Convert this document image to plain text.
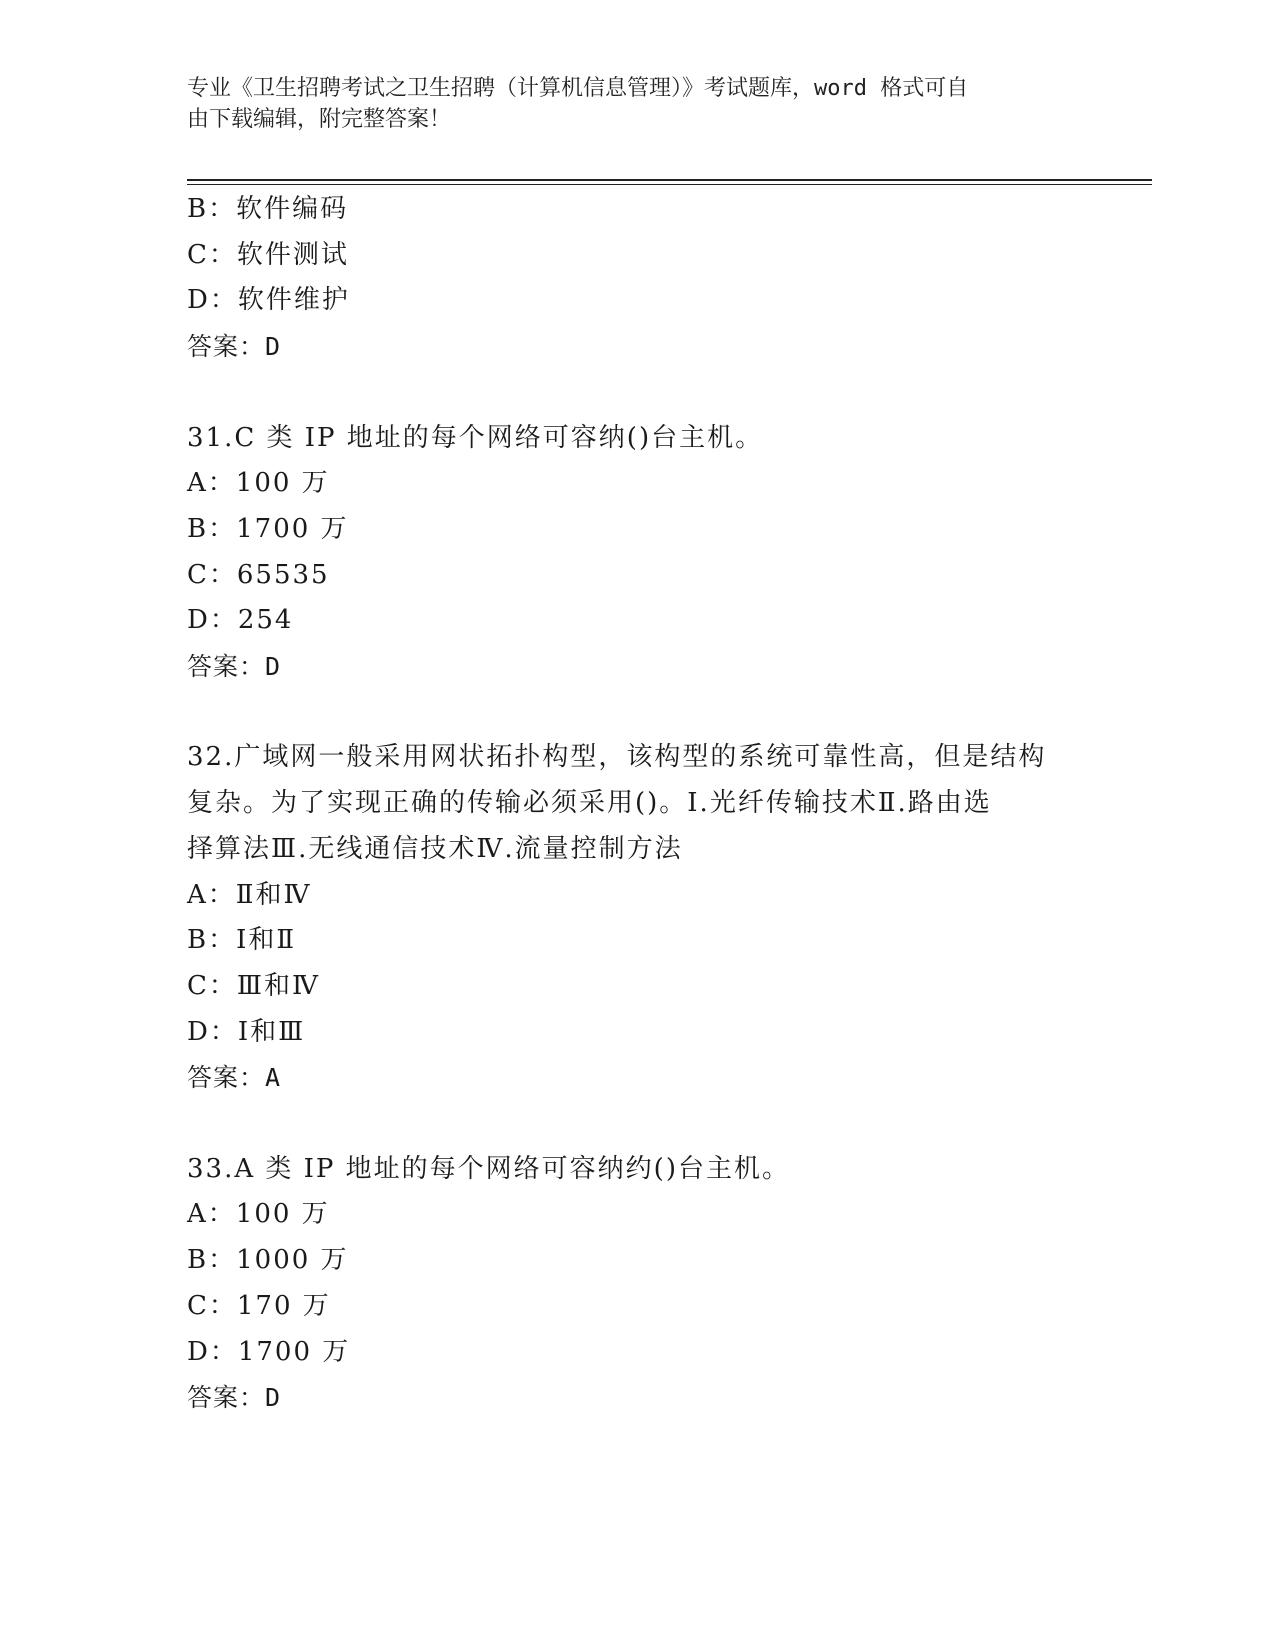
专业《卫生招聘考试之卫生招聘（计算机信息管理）》考试题库，word 格式可自
由下载编辑，附完整答案！
B：软件编码
C：软件测试
D：软件维护
答案：D
31.C 类 IP 地址的每个网络可容纳()台主机。
A：100 万
B：1700 万
C：65535
D：254
答案：D
32.广域网一般采用网状拓扑构型，该构型的系统可靠性高，但是结构
复杂。为了实现正确的传输必须采用()。Ⅰ.光纤传输技术Ⅱ.路由选
择算法Ⅲ.无线通信技术Ⅳ.流量控制方法
A：Ⅱ和Ⅳ
B：Ⅰ和Ⅱ
C：Ⅲ和Ⅳ
D：Ⅰ和Ⅲ
答案：A
33.A 类 IP 地址的每个网络可容纳约()台主机。
A：100 万
B：1000 万
C：170 万
D：1700 万
答案：D
